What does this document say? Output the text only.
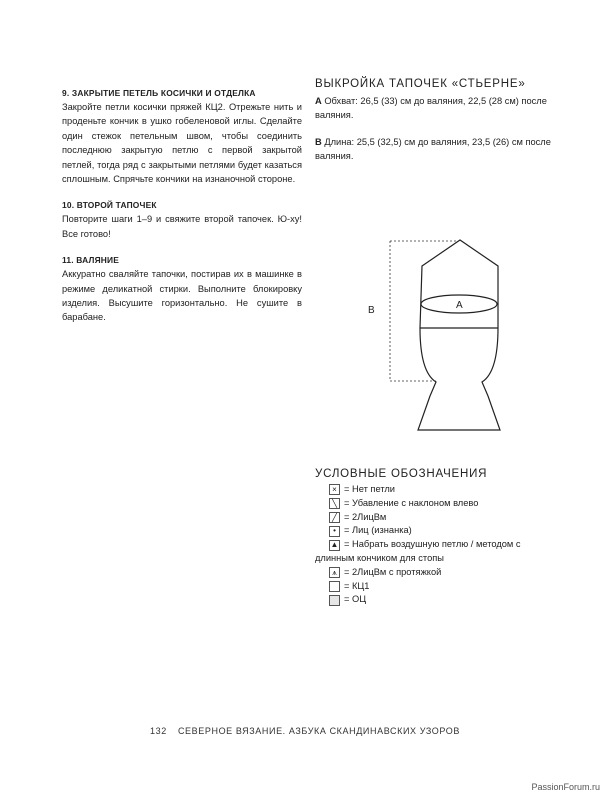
9. ЗАКРЫТИЕ ПЕТЕЛЬ КОСИЧКИ И ОТДЕЛКА

Закройте петли косички пряжей КЦ2. Отрежьте нить и проденьте кончик в ушко гобеленовой иглы. Сделайте один стежок петельным швом, чтобы соединить последнюю закрытую петлю с первой закрытой петлей, тогда ряд с закрытыми петлями будет казаться сплошным. Спрячьте кончики на изнаночной стороне.

10. ВТОРОЙ ТАПОЧЕК

Повторите шаги 1–9 и свяжите второй тапочек. Ю-ху! Все готово!

11. ВАЛЯНИЕ

Аккуратно сваляйте тапочки, постирав их в машинке в режиме деликатной стирки. Выполните блокировку изделия. Высушите горизонтально. Не сушите в барабане.

ВЫКРОЙКА ТАПОЧЕК «СТЬЕРНЕ»

А Обхват: 26,5 (33) см до валяния, 22,5 (28 см) после валяния.

В Длина: 25,5 (32,5) см до валяния, 23,5 (26) см после валяния.

A
B
УСЛОВНЫЕ ОБОЗНАЧЕНИЯ
× = Нет петли
╲ = Убавление с наклоном влево
╱ = 2ЛицВм
• = Лиц (изнанка)
▲ = Набрать воздушную петлю / методом с длинным кончиком для стопы
⩚ = 2ЛицВм с протяжкой
= КЦ1
= ОЦ
132 СЕВЕРНОЕ ВЯЗАНИЕ. АЗБУКА СКАНДИНАВСКИХ УЗОРОВ
PassionForum.ru
